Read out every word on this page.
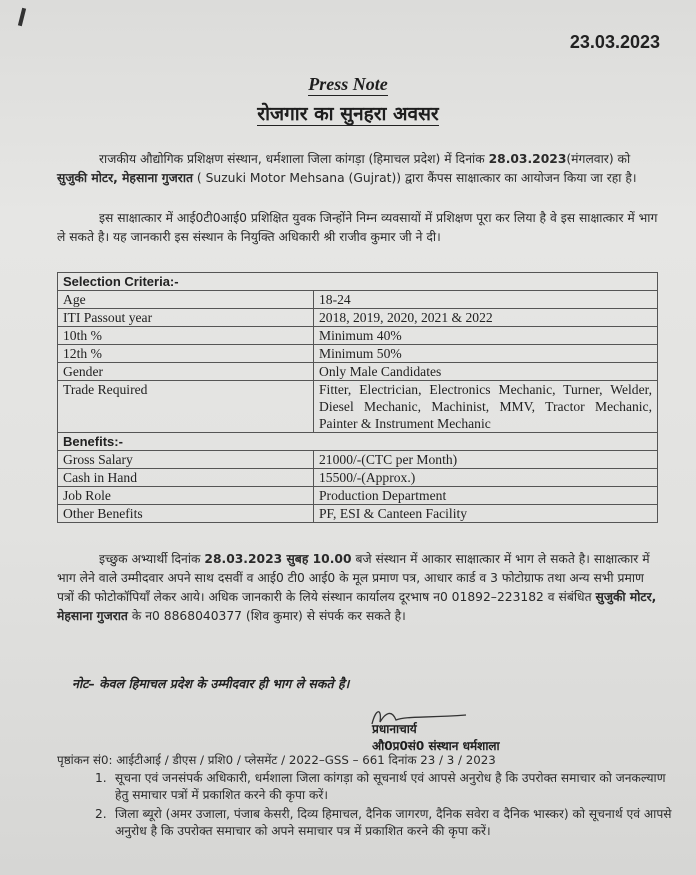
23.03.2023
Press Note
रोजगार का सुनहरा अवसर
राजकीय औद्योगिक प्रशिक्षण संस्थान, धर्मशाला जिला कांगड़ा (हिमाचल प्रदेश) में दिनांक 28.03.2023(मंगलवार) को सुजुकी मोटर, मेहसाना गुजरात ( Suzuki Motor Mehsana (Gujrat)) द्वारा कैंपस साक्षात्कार का आयोजन किया जा रहा है।
इस साक्षात्कार में आई0टी0आई0 प्रशिक्षित युवक जिन्होंने निम्न व्यवसायों में प्रशिक्षण पूरा कर लिया है वे इस साक्षात्कार में भाग ले सकते है। यह जानकारी इस संस्थान के नियुक्ति अधिकारी श्री राजीव कुमार जी ने दी।
Selection Criteria:-	
Age	18-24
ITI Passout year	2018, 2019, 2020, 2021 & 2022
10th %	Minimum 40%
12th %	Minimum 50%
Gender	Only Male Candidates
Trade Required	Fitter, Electrician, Electronics Mechanic, Turner, Welder, Diesel Mechanic, Machinist, MMV, Tractor Mechanic, Painter & Instrument Mechanic
Benefits:-	
Gross Salary	21000/-(CTC per Month)
Cash in Hand	15500/-(Approx.)
Job Role	Production Department
Other Benefits	PF, ESI & Canteen Facility
इच्छुक अभ्यार्थी दिनांक 28.03.2023 सुबह 10.00 बजे संस्थान में आकार साक्षात्कार में भाग ले सकते है। साक्षात्कार में भाग लेने वाले उम्मीदवार अपने साथ दसवीं व आई0 टी0 आई0 के मूल प्रमाण पत्र, आधार कार्ड व 3 फोटोग्राफ तथा अन्य सभी प्रमाण पत्रों की फोटोकॉपियाँ लेकर आये। अधिक जानकारी के लिये संस्थान कार्यालय दूरभाष न0 01892–223182 व संबंधित सुजुकी मोटर, मेहसाना गुजरात के न0 8868040377 (शिव कुमार) से संपर्क कर सकते है।
नोट– केवल हिमाचल प्रदेश के उम्मीदवार ही भाग ले सकते है।
प्रधानाचार्य
औ0प्र0सं0 संस्थान धर्मशाला
पृष्ठांकन सं0: आईटीआई / डीएस / प्रशि0 / प्लेसमेंट / 2022–GSS – 661 दिनांक 23 / 3 / 2023
1. सूचना एवं जनसंपर्क अधिकारी, धर्मशाला जिला कांगड़ा को सूचनार्थ एवं आपसे अनुरोध है कि उपरोक्त समाचार को जनकल्याण हेतु समाचार पत्रों में प्रकाशित करने की कृपा करें।
2. जिला ब्यूरो (अमर उजाला, पंजाब केसरी, दिव्य हिमाचल, दैनिक जागरण, दैनिक सवेरा व दैनिक भास्कर) को सूचनार्थ एवं आपसे अनुरोध है कि उपरोक्त समाचार को अपने समाचार पत्र में प्रकाशित करने की कृपा करें।
